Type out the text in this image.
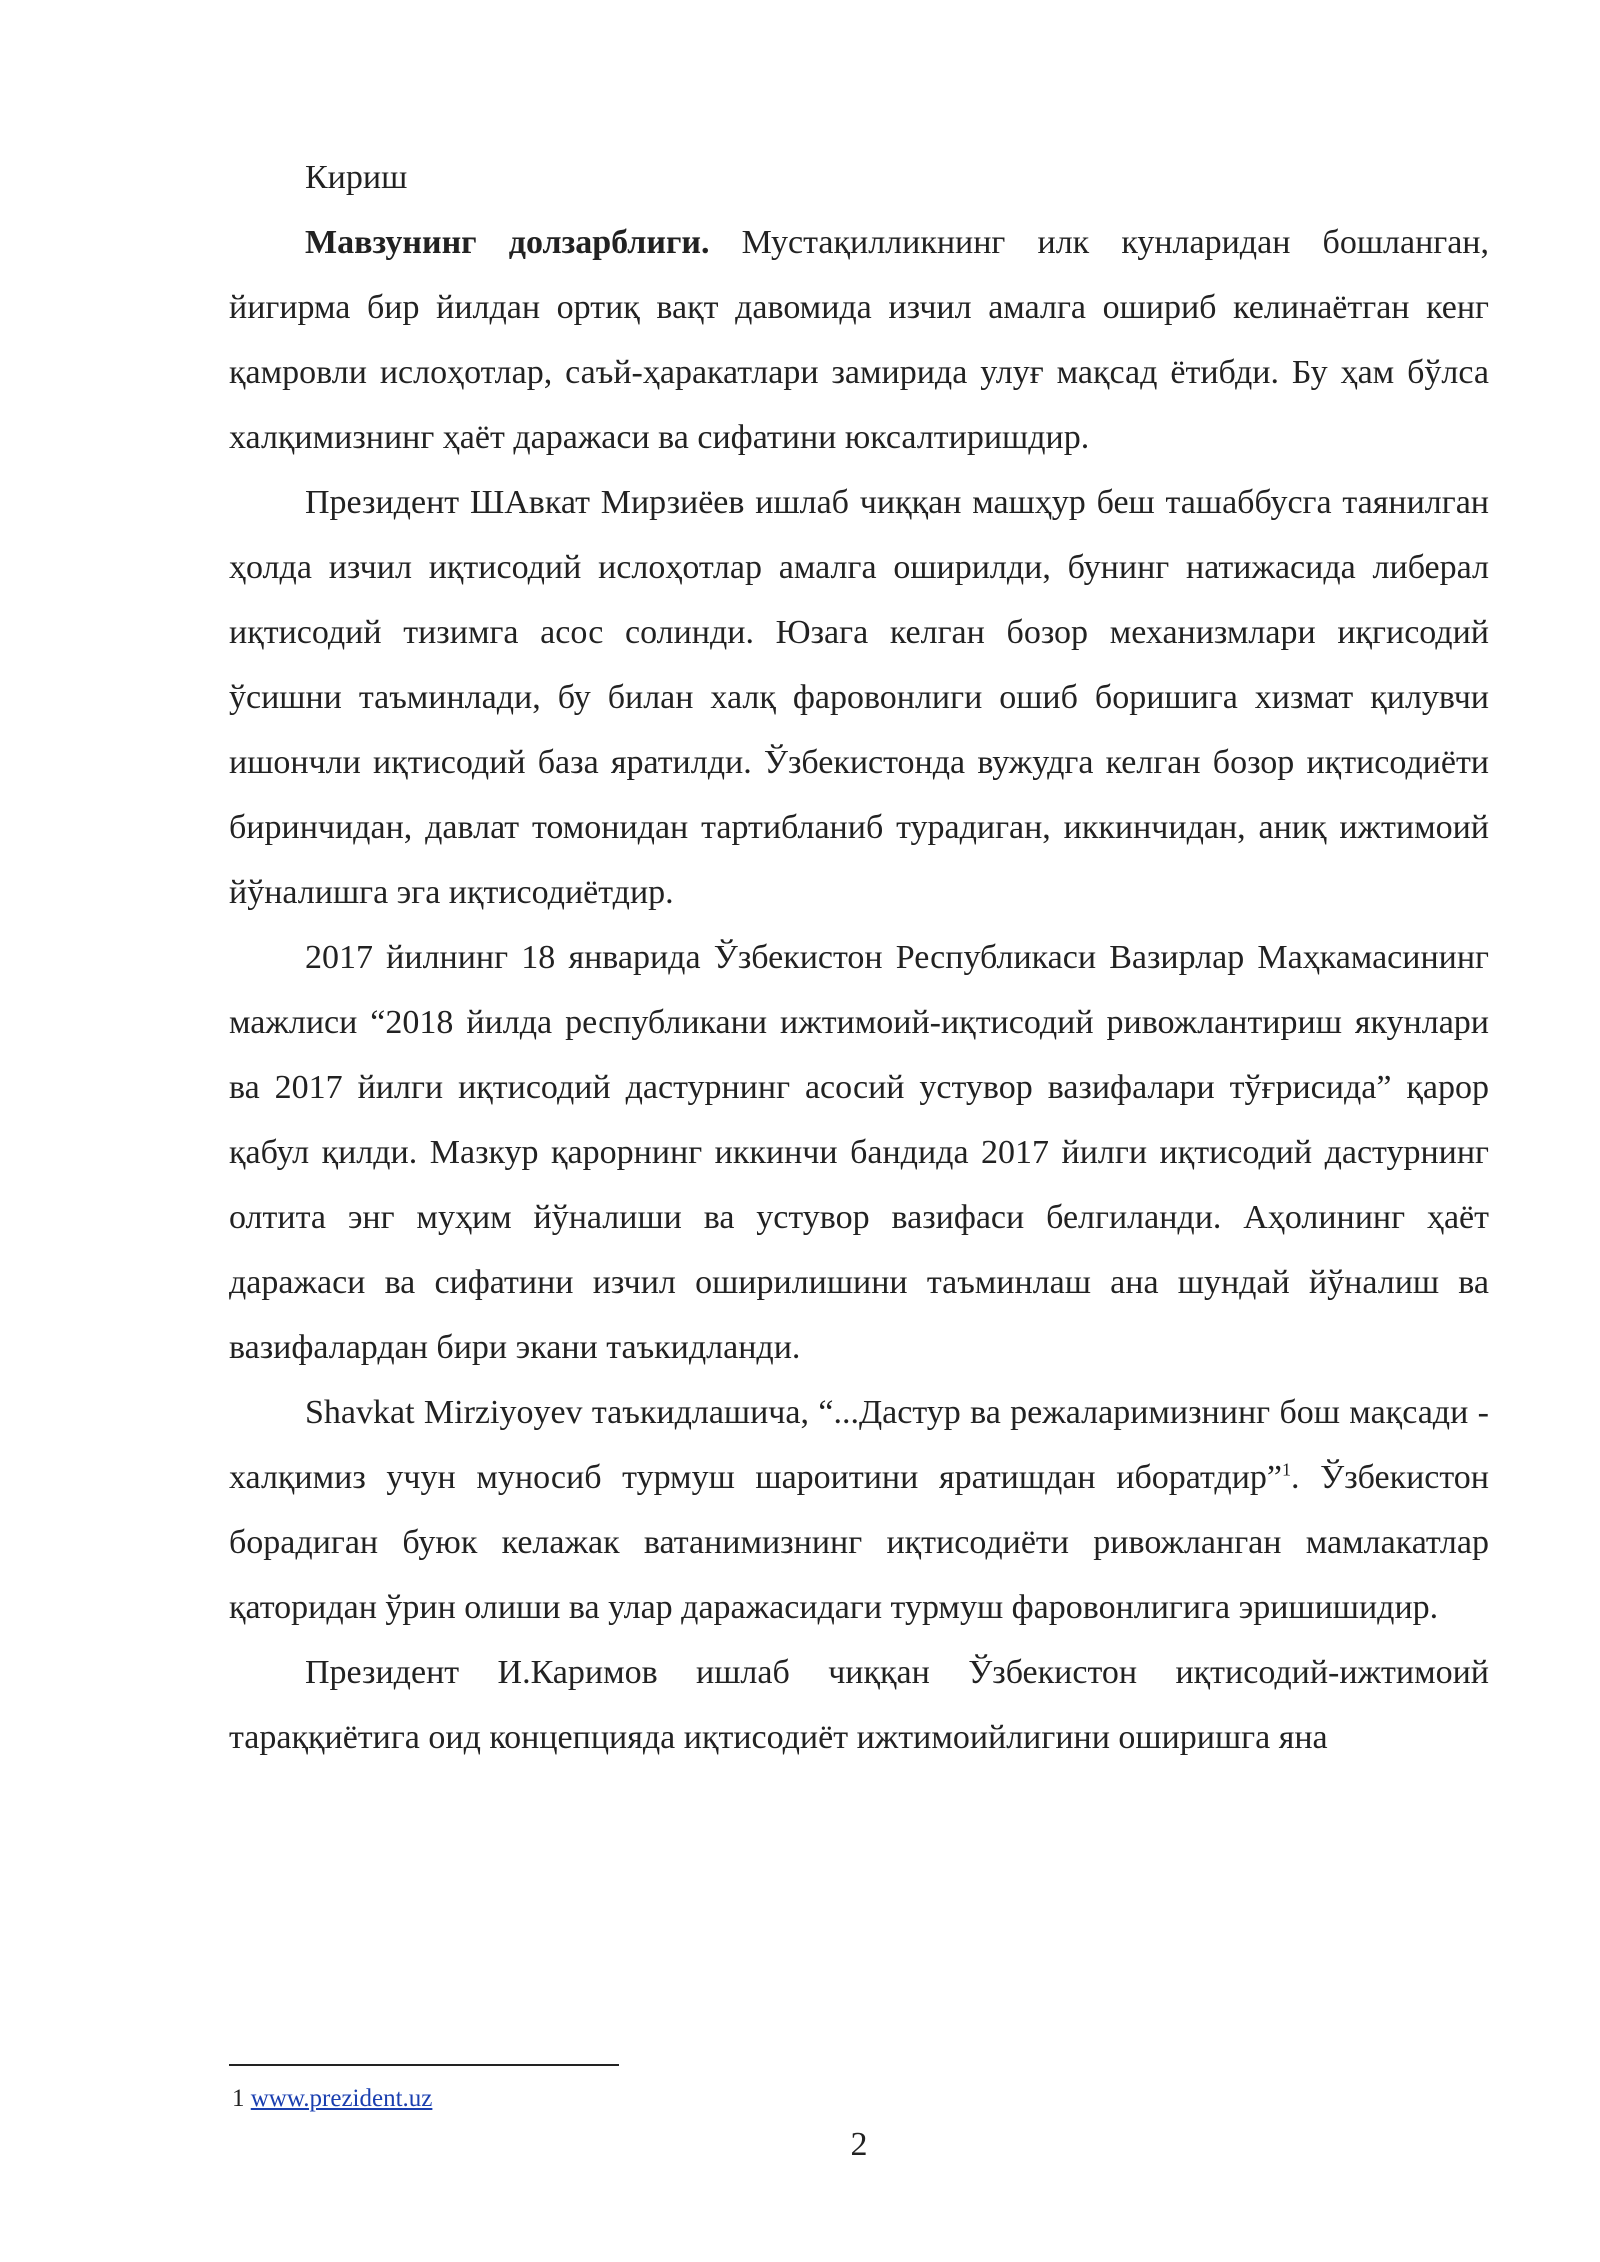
Кириш

Мавзунинг долзарблиги. Мустақилликнинг илк кунларидан бошланган, йигирма бир йилдан ортиқ вақт давомида изчил амалга ошириб келинаётган кенг қамровли ислоҳотлар, саъй-ҳаракатлари замирида улуғ мақсад ётибди. Бу ҳам бўлса халқимизнинг ҳаёт даражаси ва сифатини юксалтиришдир.

Президент ШАвкат Мирзиёев ишлаб чиққан машҳур беш ташаббусга таянилган ҳолда изчил иқтисодий ислоҳотлар амалга оширилди, бунинг натижасида либерал иқтисодий тизимга асос солинди. Юзага келган бозор механизмлари иқгисодий ўсишни таъминлади, бу билан халқ фаровонлиги ошиб боришига хизмат қилувчи ишончли иқтисодий база яратилди. Ўзбекистонда вужудга келган бозор иқтисодиёти биринчидан, давлат томонидан тартибланиб турадиган, иккинчидан, аниқ ижтимоий йўналишга эга иқтисодиётдир.

2017 йилнинг 18 январида Ўзбекистон Республикаси Вазирлар Маҳкамасининг мажлиси “2018 йилда республикани ижтимоий-иқтисодий ривожлантириш якунлари ва 2017 йилги иқтисодий дастурнинг асосий устувор вазифалари тўғрисида” қарор қабул қилди. Мазкур қарорнинг иккинчи бандида 2017 йилги иқтисодий дастурнинг олтита энг муҳим йўналиши ва устувор вазифаси белгиланди. Аҳолининг ҳаёт даражаси ва сифатини изчил оширилишини таъминлаш ана шундай йўналиш ва вазифалардан бири экани таъкидланди.

Shavkat Mirziyoyev таъкидлашича, “...Дастур ва режаларимизнинг бош мақсади - халқимиз учун муносиб турмуш шароитини яратишдан иборатдир”$^1$. Ўзбекистон борадиган буюк келажак ватанимизнинг иқтисодиёти ривожланган мамлакатлар қаторидан ўрин олиши ва улар даражасидаги турмуш фаровонлигига эришишидир.

Президент И.Каримов ишлаб чиққан Ўзбекистон иқтисодий-ижтимоий тараққиётига оид концепцияда иқтисодиёт ижтимоийлигини оширишга яна

1 www.prezident.uz
2
